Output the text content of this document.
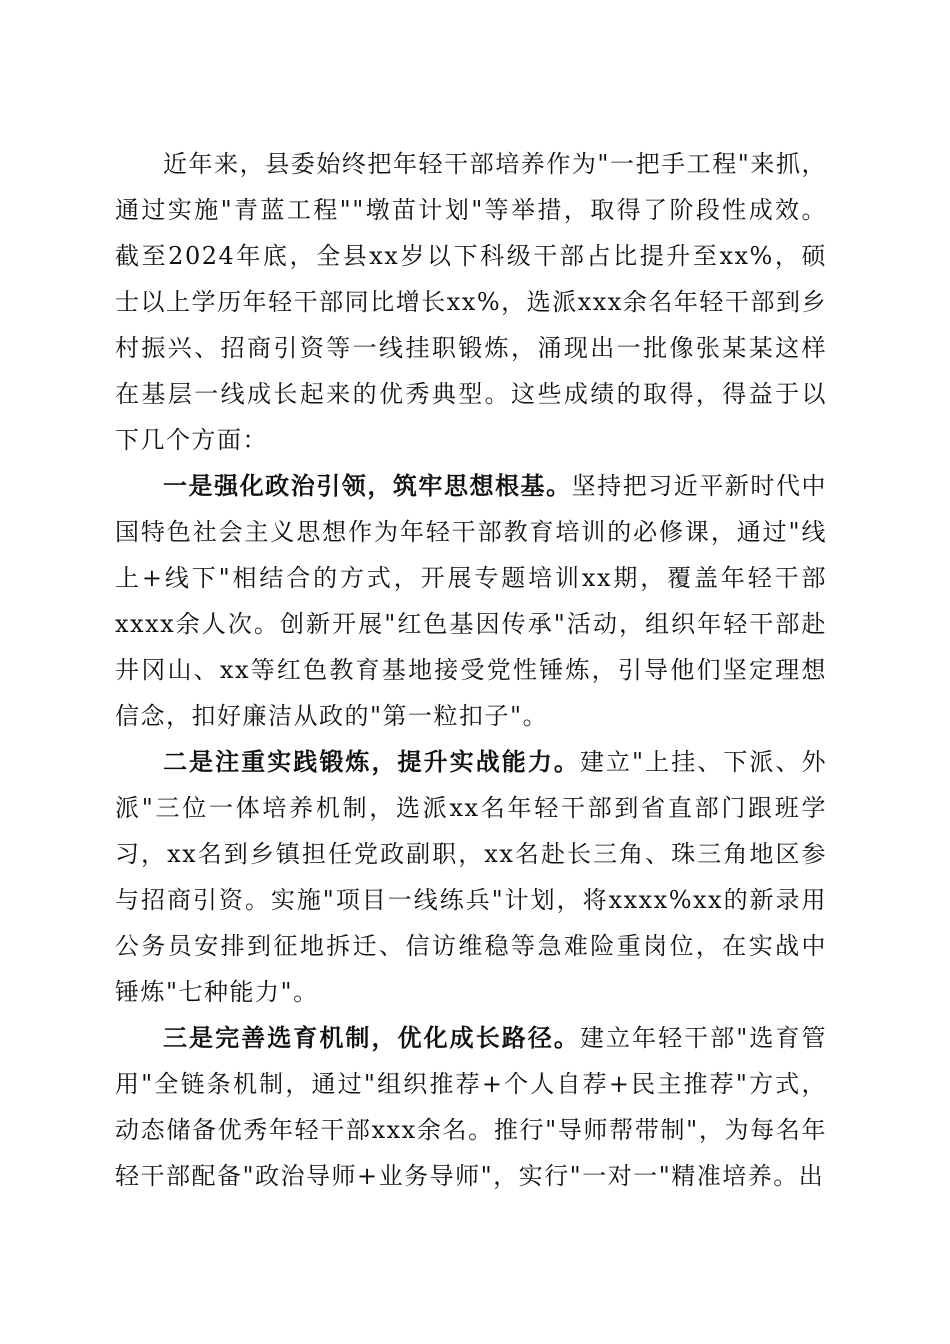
近年来，县委始终把年轻干部培养作为"一把手工程"来抓，通过实施"青蓝工程""墩苗计划"等举措，取得了阶段性成效。截至2024年底，全县xx岁以下科级干部占比提升至xx%，硕士以上学历年轻干部同比增长xx%，选派xxx余名年轻干部到乡村振兴、招商引资等一线挂职锻炼，涌现出一批像张某某这样在基层一线成长起来的优秀典型。这些成绩的取得，得益于以下几个方面：

一是强化政治引领，筑牢思想根基。坚持把习近平新时代中国特色社会主义思想作为年轻干部教育培训的必修课，通过"线上+线下"相结合的方式，开展专题培训xx期，覆盖年轻干部xxxx余人次。创新开展"红色基因传承"活动，组织年轻干部赴井冈山、xx等红色教育基地接受党性锤炼，引导他们坚定理想信念，扣好廉洁从政的"第一粒扣子"。

二是注重实践锻炼，提升实战能力。建立"上挂、下派、外派"三位一体培养机制，选派xx名年轻干部到省直部门跟班学习，xx名到乡镇担任党政副职，xx名赴长三角、珠三角地区参与招商引资。实施"项目一线练兵"计划，将xxxx%xx的新录用公务员安排到征地拆迁、信访维稳等急难险重岗位，在实战中锤炼"七种能力"。

三是完善选育机制，优化成长路径。建立年轻干部"选育管用"全链条机制，通过"组织推荐+个人自荐+民主推荐"方式，动态储备优秀年轻干部xxx余名。推行"导师帮带制"，为每名年轻干部配备"政治导师+业务导师"，实行"一对一"精准培养。出
